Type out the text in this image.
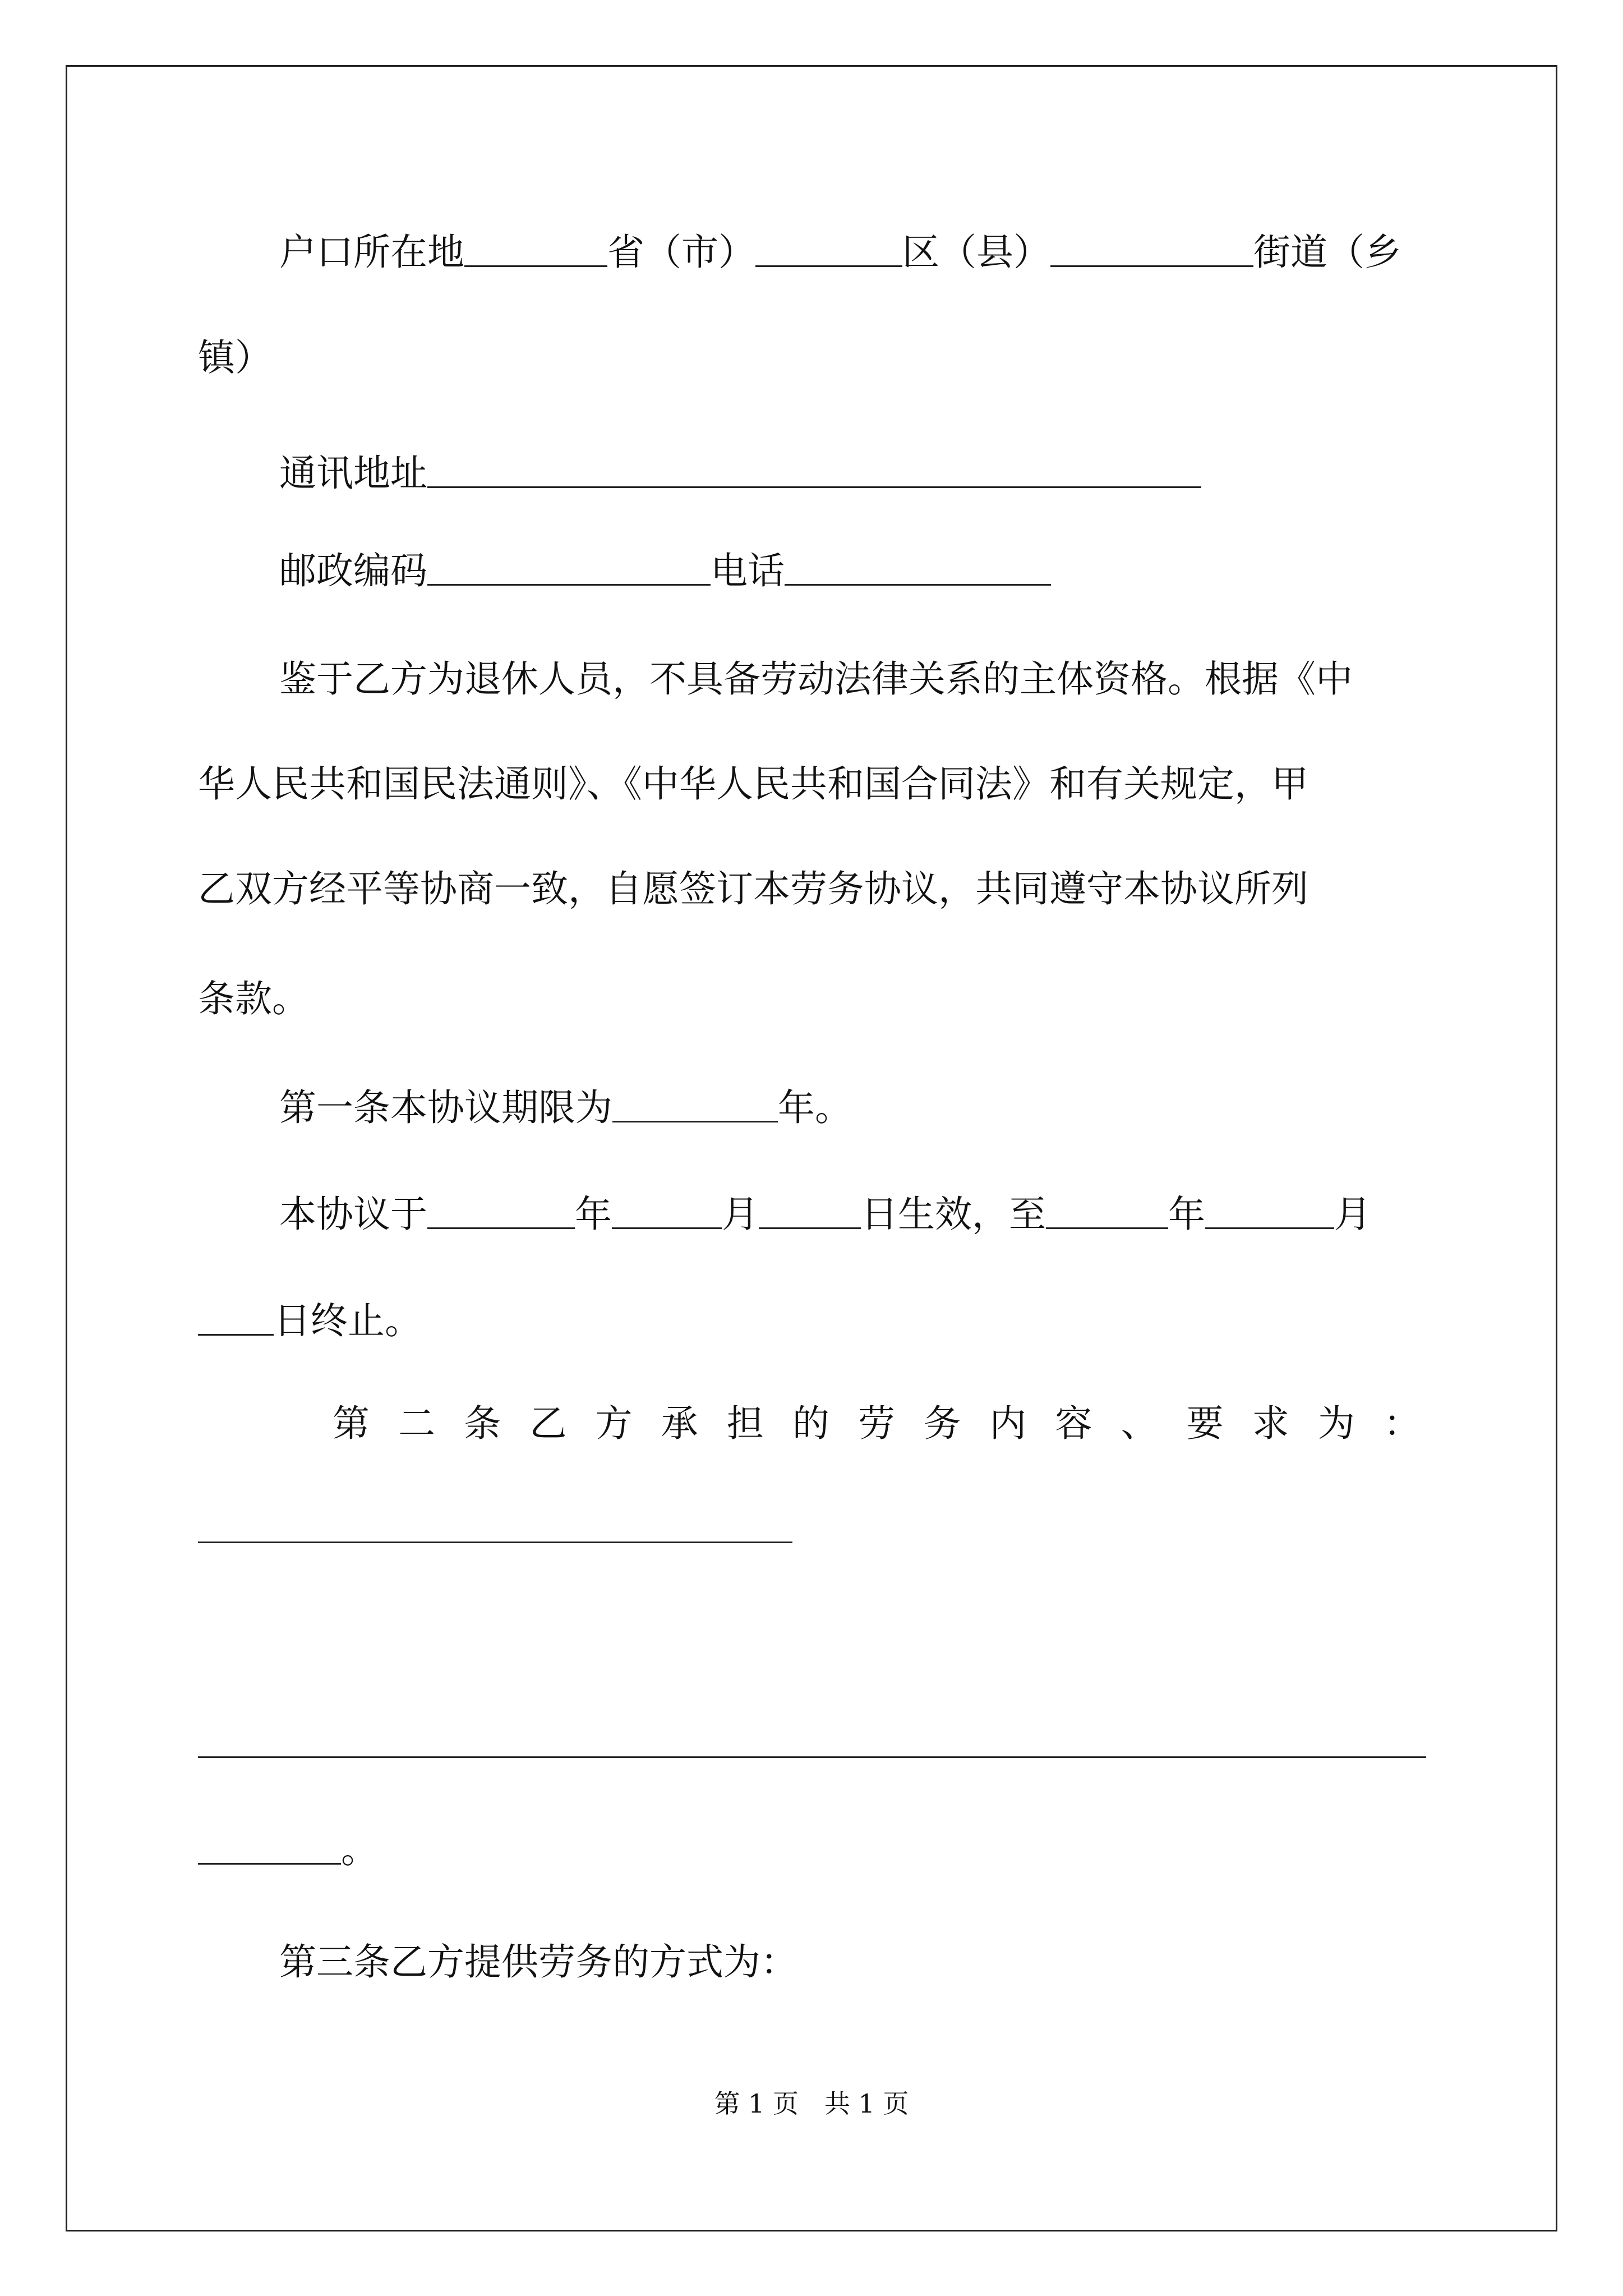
户口所在地	省（市）	区（县）	街道（乡
镇）
通讯地址
邮政编码	电话
鉴于乙方为退休人员，不具备劳动法律关系的主体资格。根据《中
华人民共和国民法通则》、《中华人民共和国合同法》和有关规定，甲
乙双方经平等协商一致，自愿签订本劳务协议，共同遵守本协议所列
条款。
第一条本协议期限为	年。
本协议于	年	月	日生效，至	年	月
日终止。
第 二 条 乙 方 承 担 的 劳 务 内 容 、 要 求 为 ：
。
第三条乙方提供劳务的方式为：
第 1 页　共 1 页
